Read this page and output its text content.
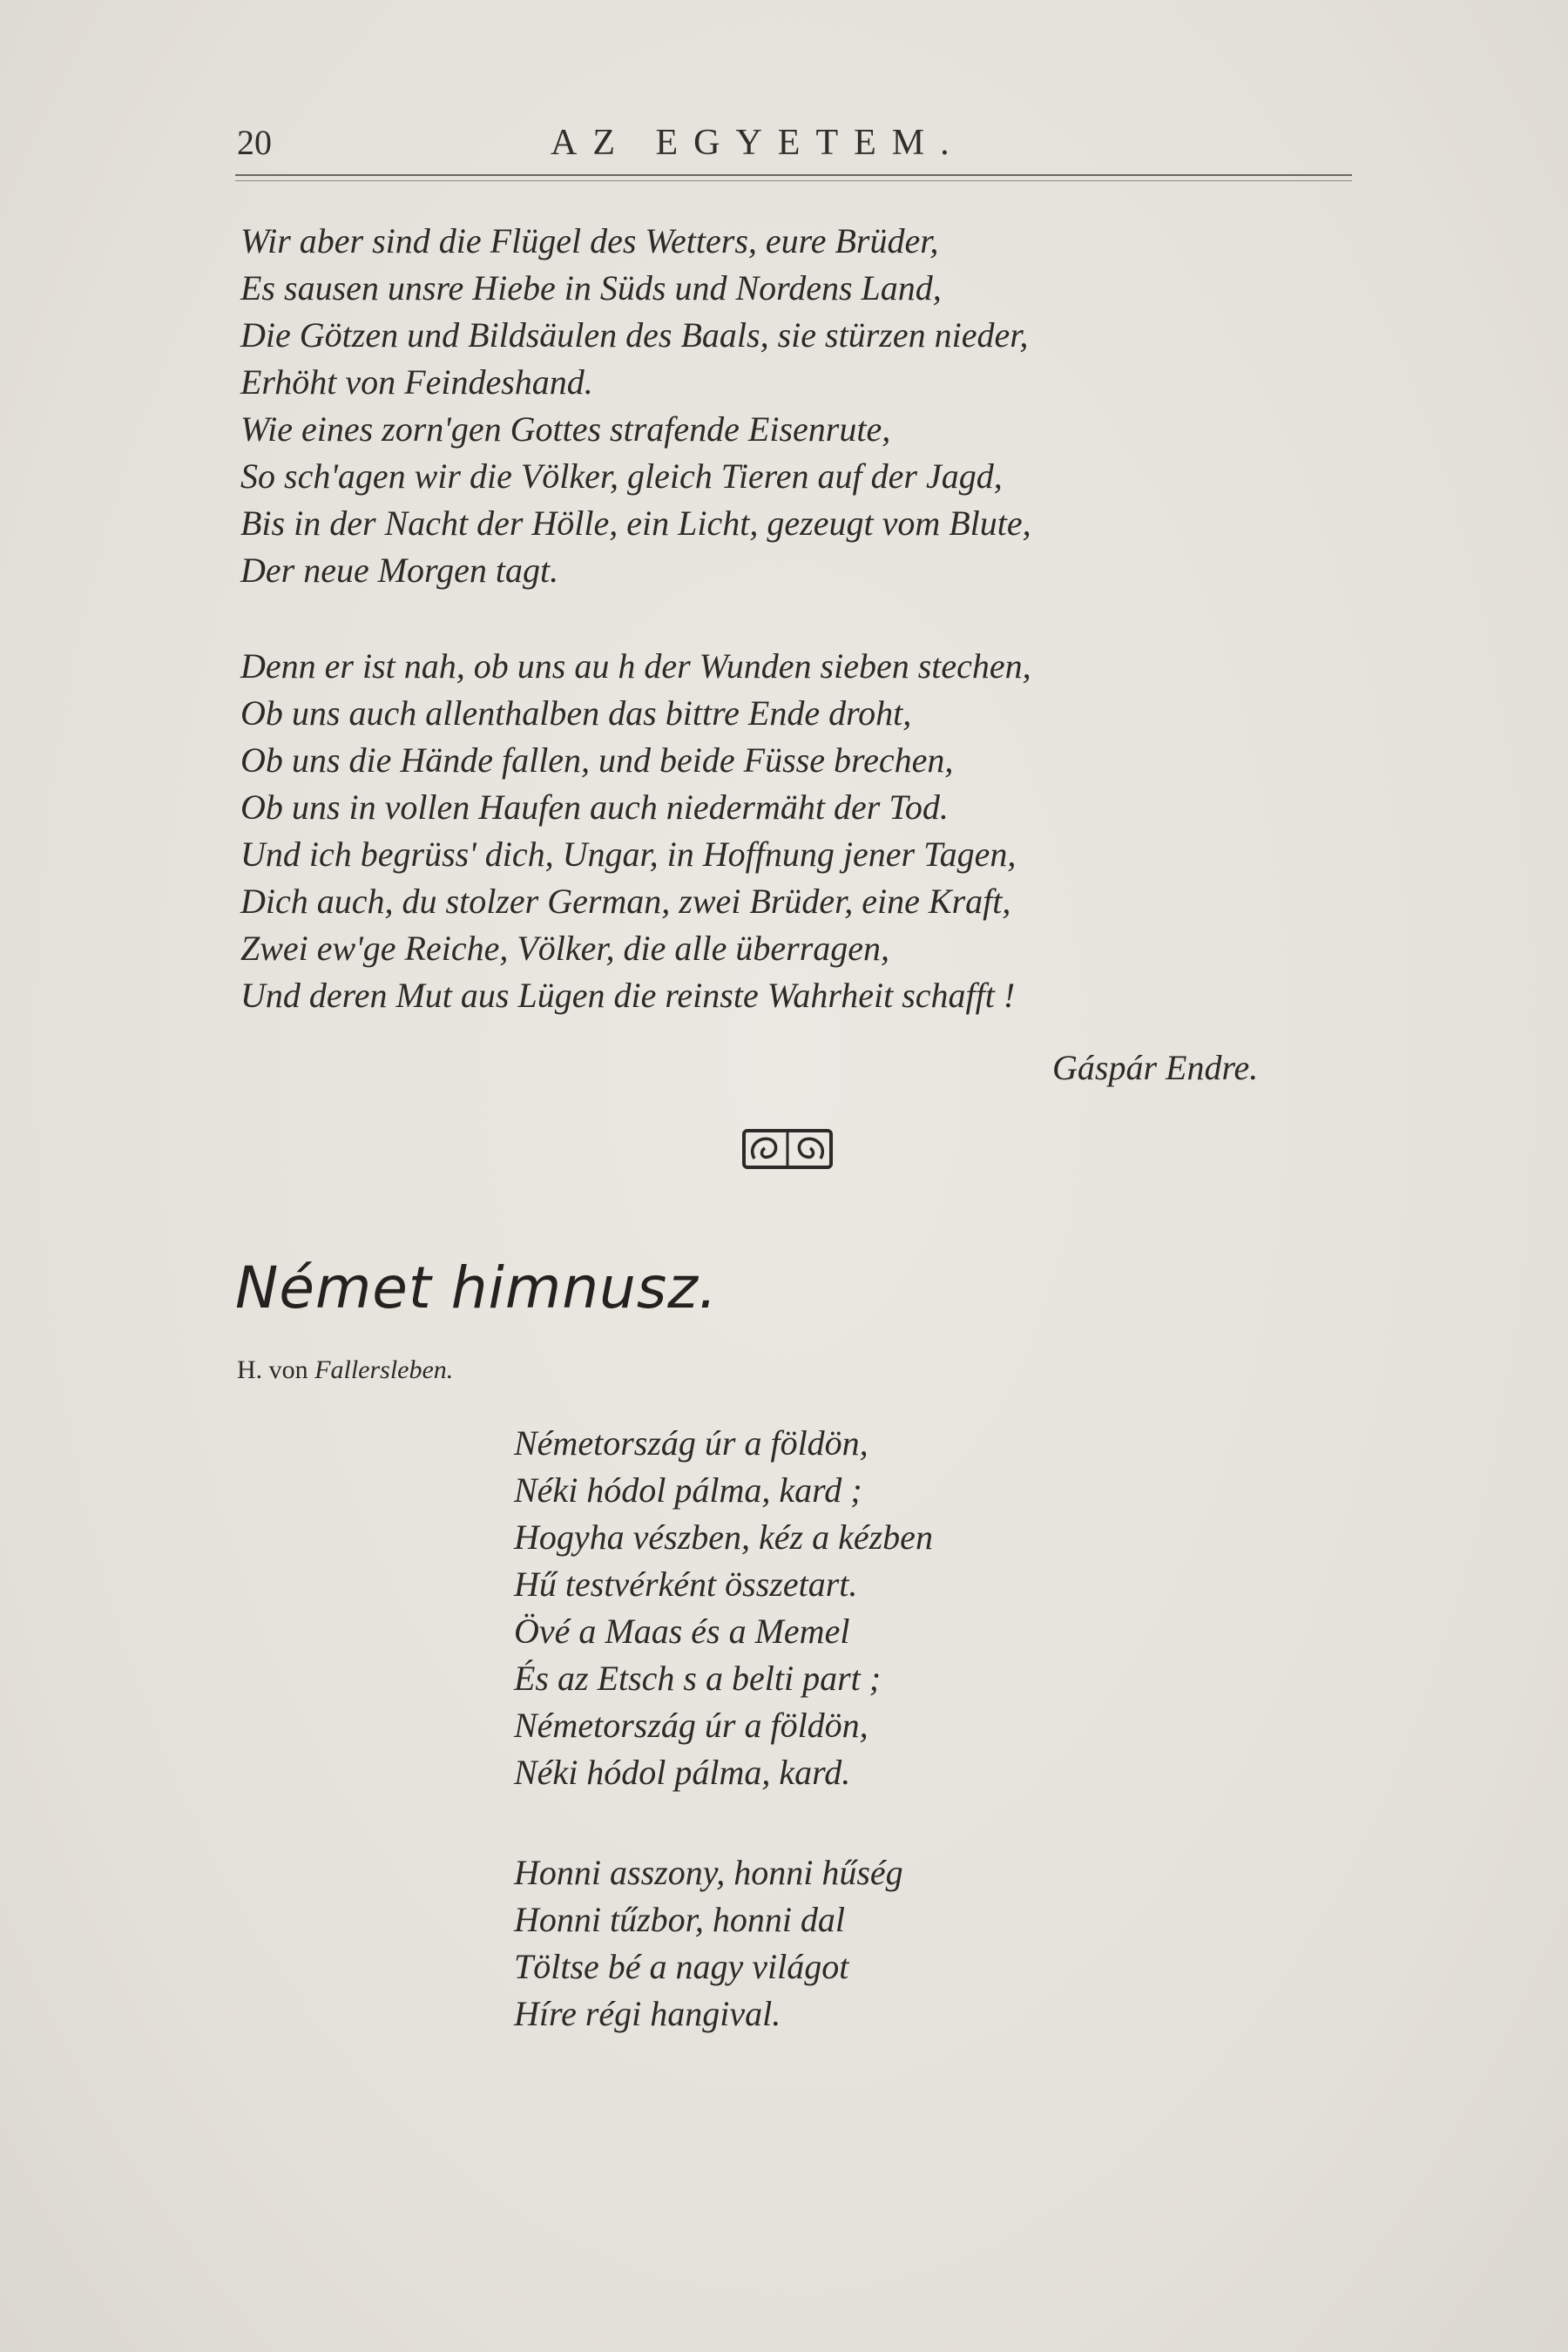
20	AZ EGYETEM.
Wir aber sind die Flügel des Wetters, eure Brüder,
Es sausen unsre Hiebe in Süds und Nordens Land,
Die Götzen und Bildsäulen des Baals, sie stürzen nieder,
Erhöht von Feindeshand.
Wie eines zorn'gen Gottes strafende Eisenrute,
So sch'agen wir die Völker, gleich Tieren auf der Jagd,
Bis in der Nacht der Hölle, ein Licht, gezeugt vom Blute,
Der neue Morgen tagt.
Denn er ist nah, ob uns au h der Wunden sieben stechen,
Ob uns auch allenthalben das bittre Ende droht,
Ob uns die Hände fallen, und beide Füsse brechen,
Ob uns in vollen Haufen auch niedermäht der Tod.
Und ich begrüss' dich, Ungar, in Hoffnung jener Tagen,
Dich auch, du stolzer German, zwei Brüder, eine Kraft,
Zwei ew'ge Reiche, Völker, die alle überragen,
Und deren Mut aus Lügen die reinste Wahrheit schafft !
Gáspár Endre.
Német himnusz.
H. von Fallersleben.
Németország úr a földön,
Néki hódol pálma, kard ;
Hogyha vészben, kéz a kézben
Hű testvérként összetart.
Övé a Maas és a Memel
És az Etsch s a belti part ;
Németország úr a földön,
Néki hódol pálma, kard.
Honni asszony, honni hűség
Honni tűzbor, honni dal
Töltse bé a nagy világot
Híre régi hangival.
